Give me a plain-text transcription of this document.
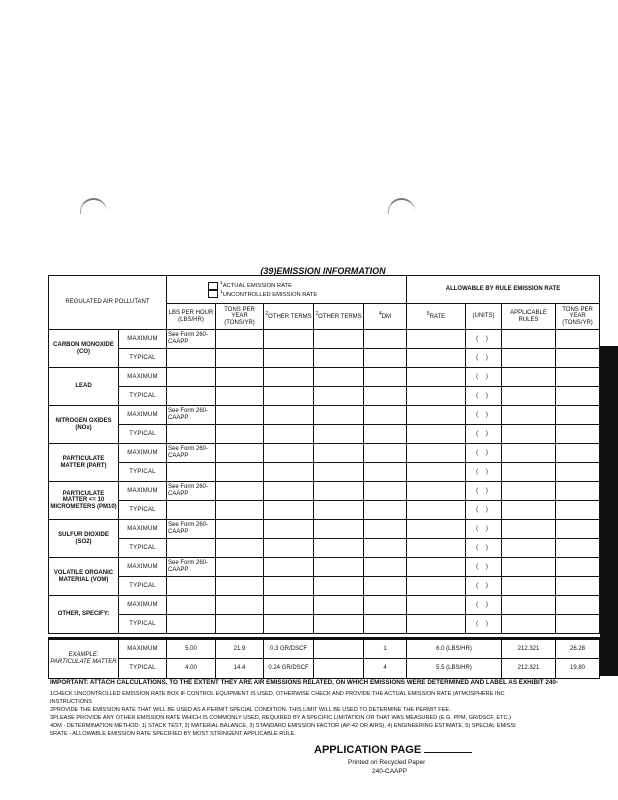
(39)EMISSION INFORMATION
REGULATED AIR POLLUTANT		$^1$ACTUAL EMISSION RATE
$^1$UNCONTROLLED EMISSION RATE					ALLOWABLE BY RULE EMISSION RATE			
		LBS PER HOUR (LBS/HR)	TONS PER YEAR (TONS/YR)	$^2$OTHER TERMS	$^2$OTHER TERMS	$^4$DM	$^5$RATE	(UNITS)	APPLICABLE RULES	TONS PER YEAR (TONS/YR)
CARBON MONOXIDE (CO)	MAXIMUM	See Form 260-CAAPP						( )		
	TYPICAL							( )		
LEAD	MAXIMUM							( )		
	TYPICAL							( )		
NITROGEN OXIDES (NOx)	MAXIMUM	See Form 260-CAAPP						( )		
	TYPICAL							( )		
PARTICULATE MATTER (PART)	MAXIMUM	See Form 260-CAAPP						( )		
	TYPICAL							( )		
PARTICULATE MATTER <= 10 MICROMETERS (PM10)	MAXIMUM	See Form 260-CAAPP						( )		
	TYPICAL							( )		
SULFUR DIOXIDE (SO2)	MAXIMUM	See Form 260-CAAPP						( )		
	TYPICAL							( )		
VOLATILE ORGANIC MATERIAL (VOM)	MAXIMUM	See Form 260-CAAPP						( )		
	TYPICAL							( )		
OTHER, SPECIFY:	MAXIMUM							( )		
	TYPICAL							( )		

EXAMPLE: PARTICULATE MATTER	MAXIMUM	5.00	21.9	0.3 GR/DSCF		1	6.0 (LBS/HR)		212.321	26.28
	TYPICAL	4.00	14.4	0.24 GR/DSCF		4	5.5 (LBS/HR)		212.321	19.80
IMPORTANT: ATTACH CALCULATIONS, TO THE EXTENT THEY ARE AIR EMISSIONS RELATED, ON WHICH EMISSIONS WERE DETERMINED AND LABEL AS EXHIBIT 240-
1CHECK UNCONTROLLED EMISSION RATE BOX IF CONTROL EQUIPMENT IS USED, OTHERWISE CHECK AND PROVIDE THE ACTUAL EMISSION RATE (ATMOSPHERE INC
INSTRUCTIONS
2PROVIDE THE EMISSION RATE THAT WILL BE USED AS A PERMIT SPECIAL CONDITION. THIS LIMIT WILL BE USED TO DETERMINE THE PERMIT FEE.
3PLEASE PROVIDE ANY OTHER EMISSION RATE WHICH IS COMMONLY USED, REQUIRED BY A SPECIFIC LIMITATION OR THAT WAS MEASURED (E.G. PPM, GR/DSCF, ETC.)
4DM - DETERMINATION METHOD: 1) STACK TEST, 2) MATERIAL BALANCE, 3) STANDARD EMISSION FACTOR (AP-42 OR AIRS), 4) ENGINEERING ESTIMATE, 5) SPECIAL EMISSI
5RATE - ALLOWABLE EMISSION RATE SPECIFIED BY MOST STRINGENT APPLICABLE RULE.
APPLICATION PAGE
Printed on Recycled Paper
240-CAAPP
